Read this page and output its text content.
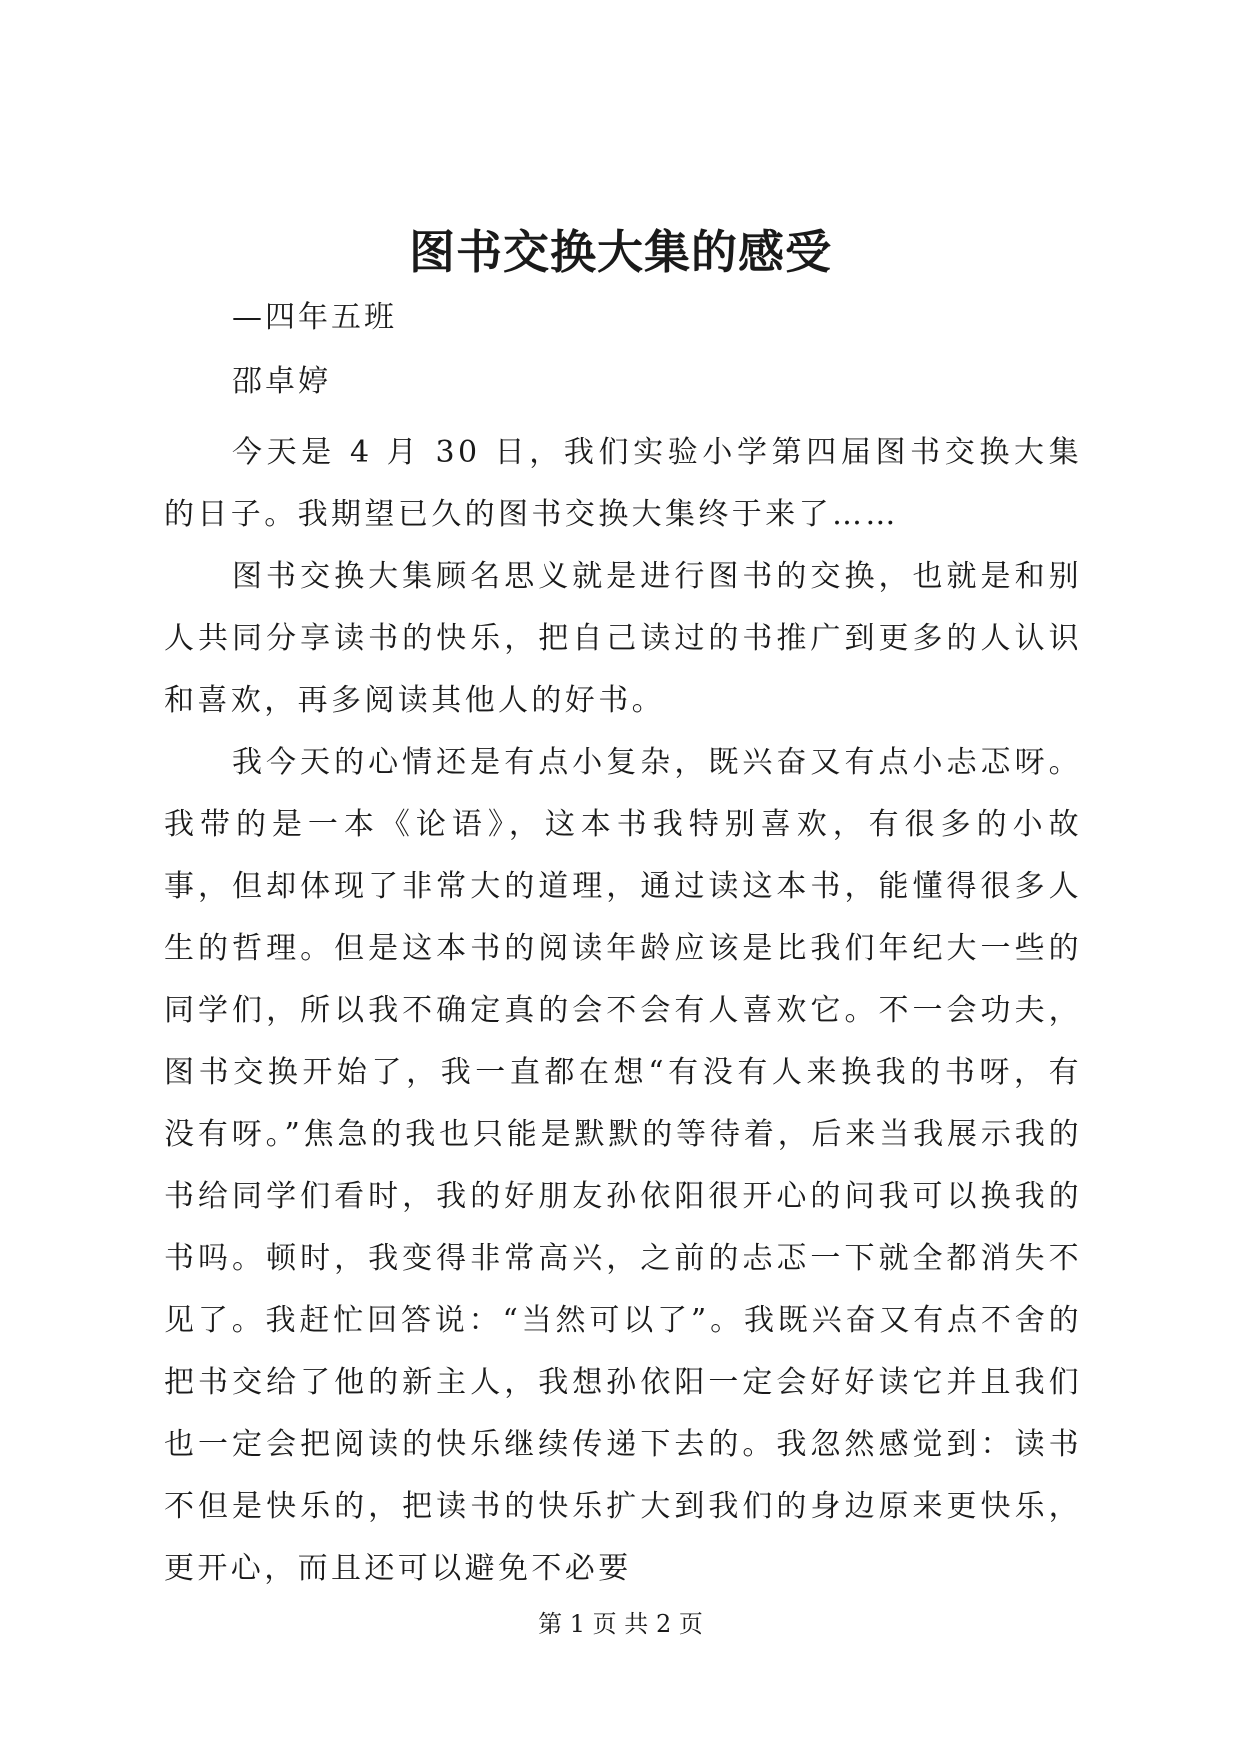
图书交换大集的感受

—四年五班

邵卓婷

今天是 4 月 30 日，我们实验小学第四届图书交换大集的日子。我期望已久的图书交换大集终于来了……

图书交换大集顾名思义就是进行图书的交换，也就是和别人共同分享读书的快乐，把自己读过的书推广到更多的人认识和喜欢，再多阅读其他人的好书。

我今天的心情还是有点小复杂，既兴奋又有点小忐忑呀。我带的是一本《论语》，这本书我特别喜欢，有很多的小故事，但却体现了非常大的道理，通过读这本书，能懂得很多人生的哲理。但是这本书的阅读年龄应该是比我们年纪大一些的同学们，所以我不确定真的会不会有人喜欢它。不一会功夫，图书交换开始了，我一直都在想“有没有人来换我的书呀，有没有呀。”焦急的我也只能是默默的等待着，后来当我展示我的书给同学们看时，我的好朋友孙依阳很开心的问我可以换我的书吗。顿时，我变得非常高兴，之前的忐忑一下就全都消失不见了。我赶忙回答说：“当然可以了”。我既兴奋又有点不舍的把书交给了他的新主人，我想孙依阳一定会好好读它并且我们也一定会把阅读的快乐继续传递下去的。我忽然感觉到：读书不但是快乐的，把读书的快乐扩大到我们的身边原来更快乐，更开心，而且还可以避免不必要

第 1 页 共 2 页
